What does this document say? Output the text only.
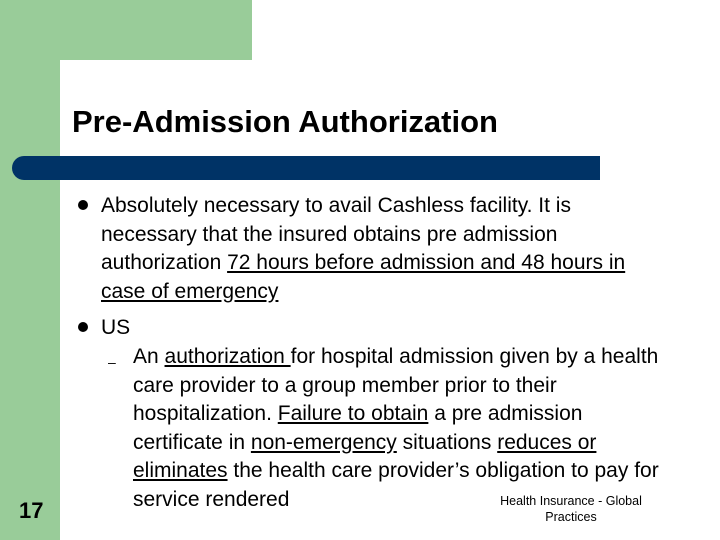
Pre-Admission Authorization
Absolutely necessary to avail Cashless facility. It is necessary that the insured obtains pre admission authorization 72 hours before admission and 48 hours in case of emergency
US
– An authorization for hospital admission given by a health care provider to a group member prior to their hospitalization. Failure to obtain a pre admission certificate in non-emergency situations reduces or eliminates the health care provider’s obligation to pay for service rendered
17	Health Insurance - Global Practices
